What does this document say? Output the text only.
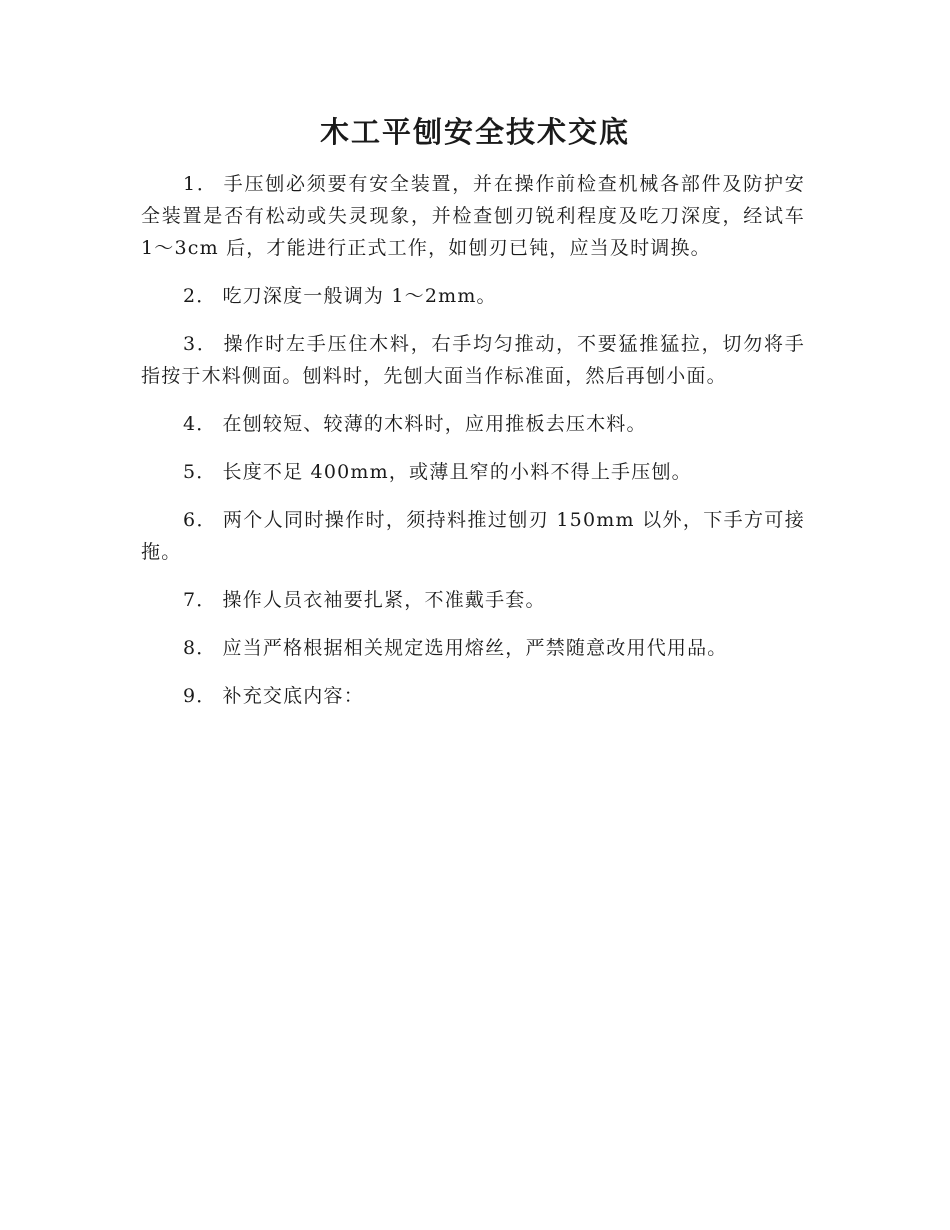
木工平刨安全技术交底

1． 手压刨必须要有安全装置，并在操作前检查机械各部件及防护安全装置是否有松动或失灵现象，并检查刨刃锐利程度及吃刀深度，经试车 1～3cm 后，才能进行正式工作，如刨刃已钝，应当及时调换。

2． 吃刀深度一般调为 1～2mm。

3． 操作时左手压住木料，右手均匀推动，不要猛推猛拉，切勿将手指按于木料侧面。刨料时，先刨大面当作标准面，然后再刨小面。

4． 在刨较短、较薄的木料时，应用推板去压木料。

5． 长度不足 400mm，或薄且窄的小料不得上手压刨。

6． 两个人同时操作时，须持料推过刨刃 150mm 以外，下手方可接拖。

7． 操作人员衣袖要扎紧，不准戴手套。

8． 应当严格根据相关规定选用熔丝，严禁随意改用代用品。

9． 补充交底内容：
